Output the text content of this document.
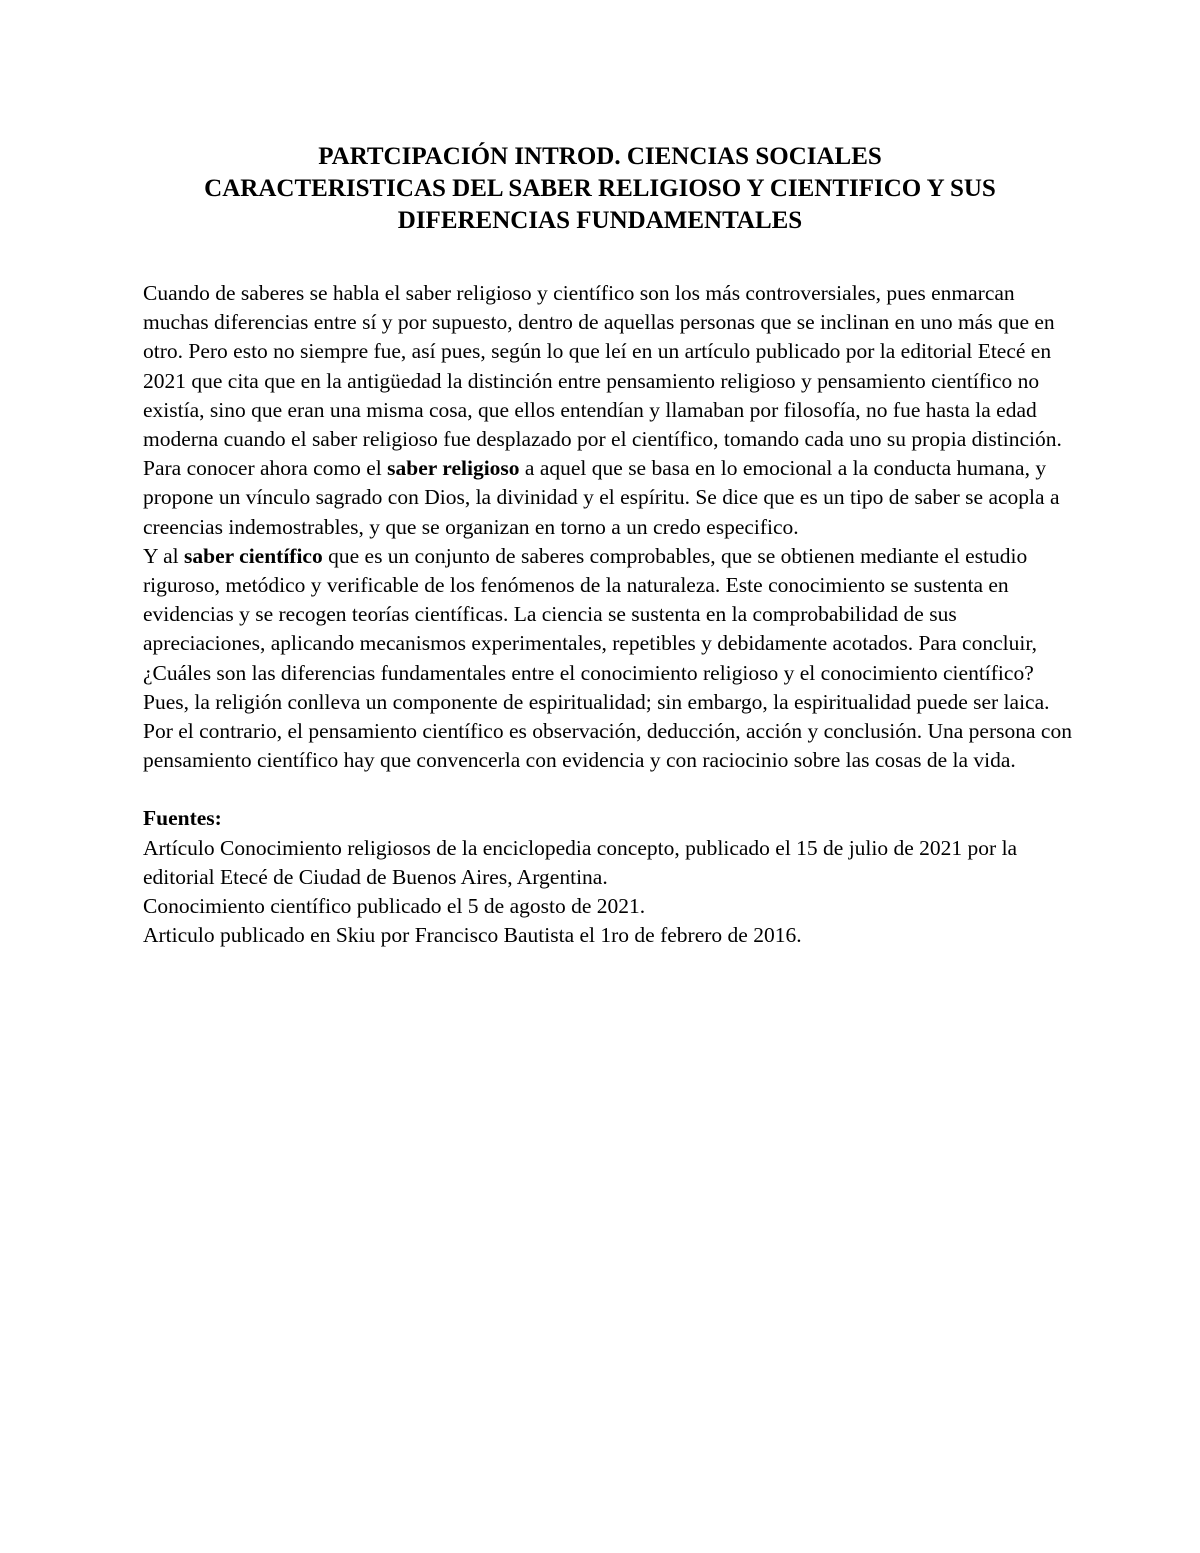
PARTCIPACIÓN INTROD. CIENCIAS SOCIALES
CARACTERISTICAS DEL SABER RELIGIOSO Y CIENTIFICO Y SUS
DIFERENCIAS FUNDAMENTALES

Cuando de saberes se habla el saber religioso y científico son los más controversiales, pues enmarcan muchas diferencias entre sí y por supuesto, dentro de aquellas personas que se inclinan en uno más que en otro. Pero esto no siempre fue, así pues, según lo que leí en un artículo publicado por la editorial Etecé en 2021 que cita que en la antigüedad la distinción entre pensamiento religioso y pensamiento científico no existía, sino que eran una misma cosa, que ellos entendían y llamaban por filosofía, no fue hasta la edad moderna cuando el saber religioso fue desplazado por el científico, tomando cada uno su propia distinción.

Para conocer ahora como el saber religioso a aquel que se basa en lo emocional a la conducta humana, y propone un vínculo sagrado con Dios, la divinidad y el espíritu. Se dice que es un tipo de saber se acopla a creencias indemostrables, y que se organizan en torno a un credo especifico.

Y al saber científico que es un conjunto de saberes comprobables, que se obtienen mediante el estudio riguroso, metódico y verificable de los fenómenos de la naturaleza. Este conocimiento se sustenta en evidencias y se recogen teorías científicas. La ciencia se sustenta en la comprobabilidad de sus apreciaciones, aplicando mecanismos experimentales, repetibles y debidamente acotados. Para concluir, ¿Cuáles son las diferencias fundamentales entre el conocimiento religioso y el conocimiento científico? Pues, la religión conlleva un componente de espiritualidad; sin embargo, la espiritualidad puede ser laica. Por el contrario, el pensamiento científico es observación, deducción, acción y conclusión. Una persona con pensamiento científico hay que convencerla con evidencia y con raciocinio sobre las cosas de la vida.

Fuentes:

Artículo Conocimiento religiosos de la enciclopedia concepto, publicado el 15 de julio de 2021 por la editorial Etecé de Ciudad de Buenos Aires, Argentina.

Conocimiento científico publicado el 5 de agosto de 2021.

Articulo publicado en Skiu por Francisco Bautista el 1ro de febrero de 2016.
